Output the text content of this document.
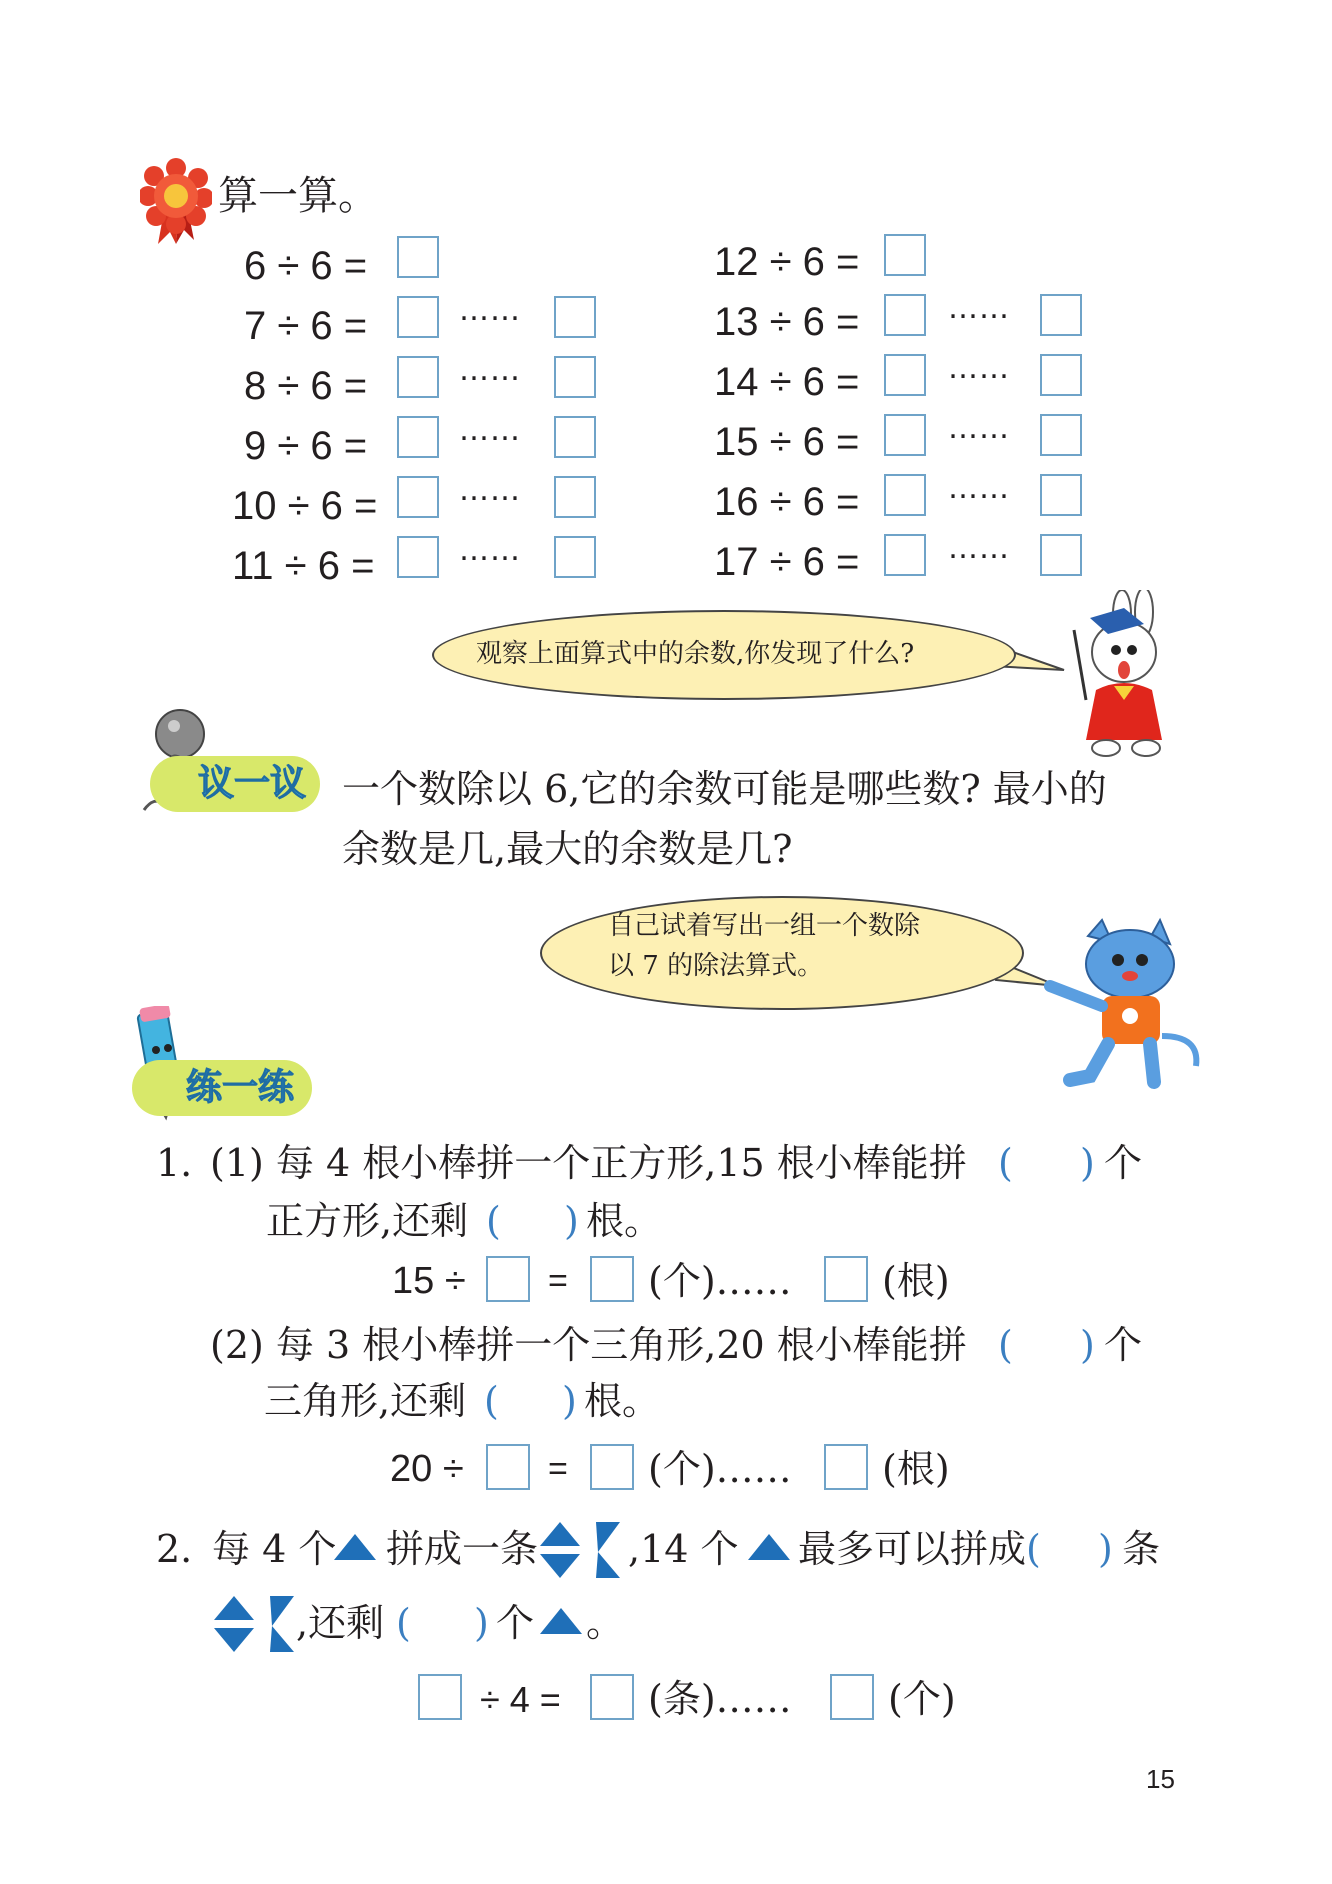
算一算。
6 ÷ 6 =
7 ÷ 6 =
8 ÷ 6 =
9 ÷ 6 =
10 ÷ 6 =
11 ÷ 6 =
……
……
……
……
……
12 ÷ 6 =
13 ÷ 6 =
14 ÷ 6 =
15 ÷ 6 =
16 ÷ 6 =
17 ÷ 6 =
……
……
……
……
……
观察上面算式中的余数,你发现了什么?
议一议 一个数除以 6,它的余数可能是哪些数? 最小的
余数是几,最大的余数是几?
自己试着写出一组一个数除
以 7 的除法算式。
练一练
1. (1) 每 4 根小棒拼一个正方形,15 根小棒能拼 ( ) 个
正方形,还剩 ( ) 根。
15 ÷ = (个)…… (根)
(2) 每 3 根小棒拼一个三角形,20 根小棒能拼 ( ) 个
三角形,还剩 ( ) 根。
20 ÷ = (个)…… (根)
2. 每 4 个 拼成一条 ,14 个 最多可以拼成 ( ) 条
,还剩 ( ) 个 。
÷ 4 = (条)……	(个)
15
